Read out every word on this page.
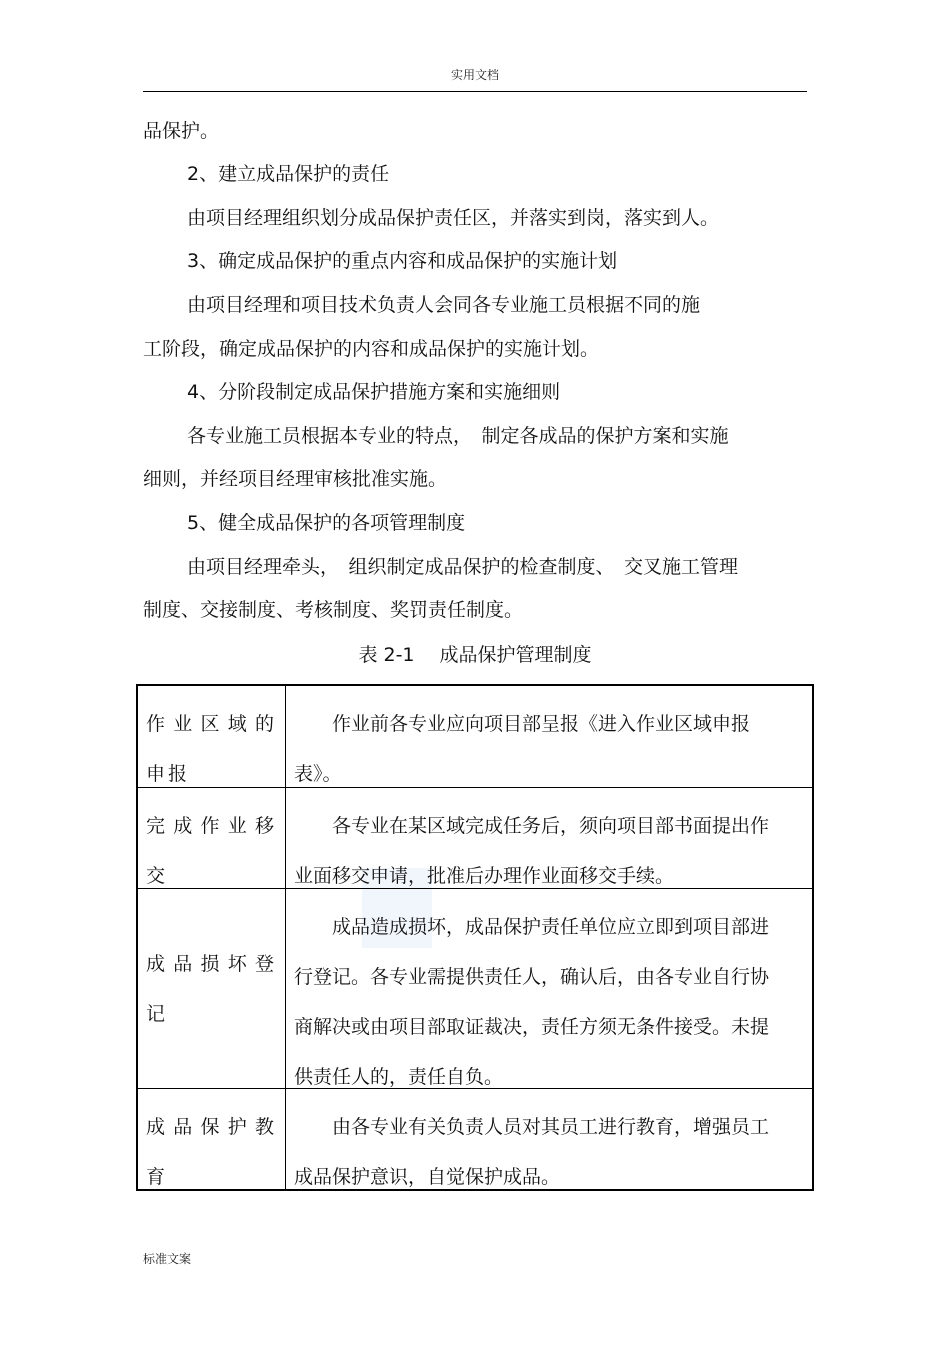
实用文档
品保护。
2、建立成品保护的责任
由项目经理组织划分成品保护责任区，并落实到岗，落实到人。
3、确定成品保护的重点内容和成品保护的实施计划
由项目经理和项目技术负责人会同各专业施工员根据不同的施
工阶段，确定成品保护的内容和成品保护的实施计划。
4、分阶段制定成品保护措施方案和实施细则
各专业施工员根据本专业的特点，　制定各成品的保护方案和实施
细则，并经项目经理审核批准实施。
5、健全成品保护的各项管理制度
由项目经理牵头，　组织制定成品保护的检查制度、　交叉施工管理
制度、交接制度、考核制度、奖罚责任制度。
表 2-1　 成品保护管理制度
作业区域的申报
作业前各专业应向项目部呈报《进入作业区域申报表》。
完成作业移交
各专业在某区域完成任务后，须向项目部书面提出作业面移交申请，批准后办理作业面移交手续。
成品损坏登记
成品造成损坏，成品保护责任单位应立即到项目部进行登记。各专业需提供责任人，确认后，由各专业自行协商解决或由项目部取证裁决，责任方须无条件接受。未提供责任人的，责任自负。
成品保护教育
由各专业有关负责人员对其员工进行教育，增强员工成品保护意识，自觉保护成品。
标准文案
